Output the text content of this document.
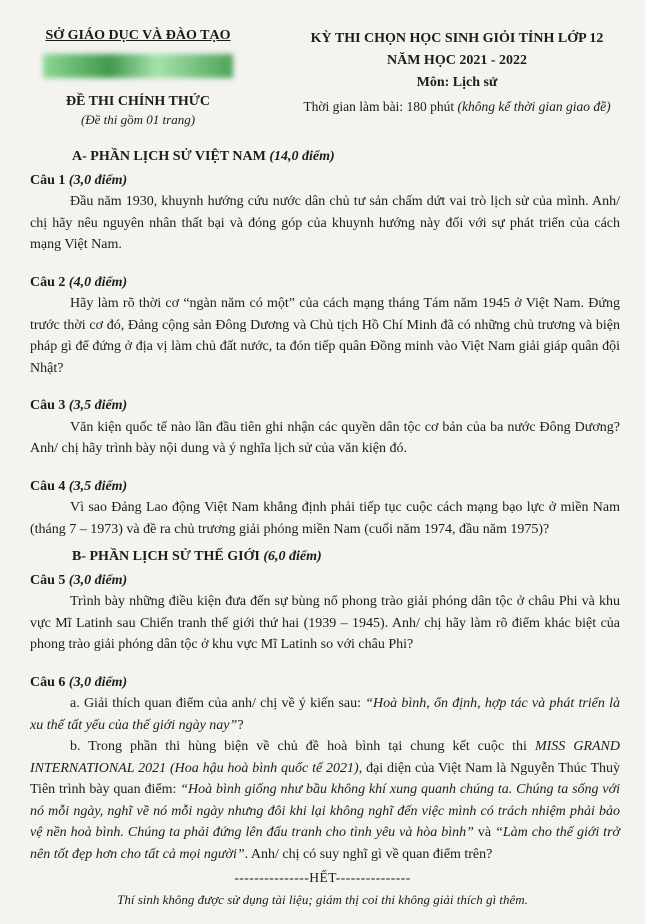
SỞ GIÁO DỤC VÀ ĐÀO TẠO
ĐỀ THI CHÍNH THỨC
(Đề thi gồm 01 trang)
KỲ THI CHỌN HỌC SINH GIỎI TỈNH LỚP 12
NĂM HỌC 2021 - 2022
Môn: Lịch sử
Thời gian làm bài: 180 phút (không kể thời gian giao đề)
A- PHẦN LỊCH SỬ VIỆT NAM (14,0 điểm)
Câu 1 (3,0 điểm)

Đầu năm 1930, khuynh hướng cứu nước dân chủ tư sản chấm dứt vai trò lịch sử của mình. Anh/ chị hãy nêu nguyên nhân thất bại và đóng góp của khuynh hướng này đối với sự phát triển của cách mạng Việt Nam.

Câu 2 (4,0 điểm)

Hãy làm rõ thời cơ “ngàn năm có một” của cách mạng tháng Tám năm 1945 ở Việt Nam. Đứng trước thời cơ đó, Đảng cộng sản Đông Dương và Chủ tịch Hồ Chí Minh đã có những chủ trương và biện pháp gì để đứng ở địa vị làm chủ đất nước, ta đón tiếp quân Đồng minh vào Việt Nam giải giáp quân đội Nhật?

Câu 3 (3,5 điểm)

Văn kiện quốc tế nào lần đầu tiên ghi nhận các quyền dân tộc cơ bản của ba nước Đông Dương? Anh/ chị hãy trình bày nội dung và ý nghĩa lịch sử của văn kiện đó.

Câu 4 (3,5 điểm)

Vì sao Đảng Lao động Việt Nam khẳng định phải tiếp tục cuộc cách mạng bạo lực ở miền Nam (tháng 7 – 1973) và đề ra chủ trương giải phóng miền Nam (cuối năm 1974, đầu năm 1975)?

B- PHẦN LỊCH SỬ THẾ GIỚI (6,0 điểm)
Câu 5 (3,0 điểm)

Trình bày những điều kiện đưa đến sự bùng nổ phong trào giải phóng dân tộc ở châu Phi và khu vực Mĩ Latinh sau Chiến tranh thế giới thứ hai (1939 – 1945). Anh/ chị hãy làm rõ điểm khác biệt của phong trào giải phóng dân tộc ở khu vực Mĩ Latinh so với châu Phi?

Câu 6 (3,0 điểm)

a. Giải thích quan điểm của anh/ chị về ý kiến sau: “Hoà bình, ổn định, hợp tác và phát triển là xu thế tất yếu của thế giới ngày nay”?

b. Trong phần thi hùng biện về chủ đề hoà bình tại chung kết cuộc thi MISS GRAND INTERNATIONAL 2021 (Hoa hậu hoà bình quốc tế 2021), đại diện của Việt Nam là Nguyễn Thúc Thuỳ Tiên trình bày quan điểm: “Hoà bình giống như bầu không khí xung quanh chúng ta. Chúng ta sống với nó mỗi ngày, nghĩ về nó mỗi ngày nhưng đôi khi lại không nghĩ đến việc mình có trách nhiệm phải bảo vệ nền hoà bình. Chúng ta phải đứng lên đấu tranh cho tình yêu và hòa bình” và “Làm cho thế giới trở nên tốt đẹp hơn cho tất cả mọi người”. Anh/ chị có suy nghĩ gì về quan điểm trên?

---------------HẾT---------------
Thí sinh không được sử dụng tài liệu; giám thị coi thi không giải thích gì thêm.
